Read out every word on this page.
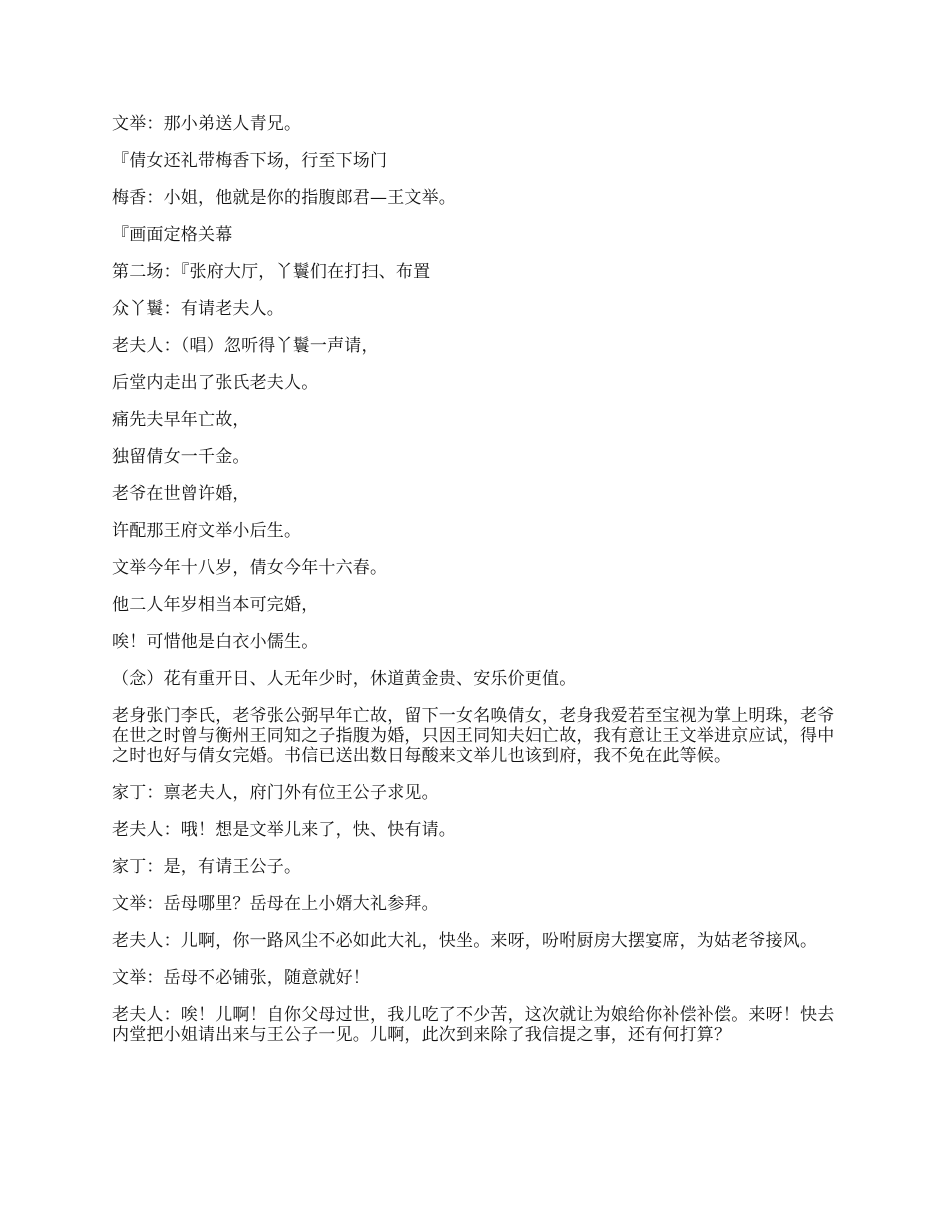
文举：那小弟送人青兄。

『倩女还礼带梅香下场，行至下场门

梅香：小姐，他就是你的指腹郎君—王文举。

『画面定格关幕

第二场：『张府大厅，丫鬟们在打扫、布置

众丫鬟：有请老夫人。

老夫人：（唱）忽听得丫鬟一声请，

后堂内走出了张氏老夫人。

痛先夫早年亡故，

独留倩女一千金。

老爷在世曾许婚，

许配那王府文举小后生。

文举今年十八岁，倩女今年十六春。

他二人年岁相当本可完婚，

唉！可惜他是白衣小儒生。

（念）花有重开日、人无年少时，休道黄金贵、安乐价更值。

老身张门李氏，老爷张公弼早年亡故，留下一女名唤倩女，老身我爱若至宝视为掌上明珠，老爷在世之时曾与衡州王同知之子指腹为婚，只因王同知夫妇亡故，我有意让王文举进京应试，得中之时也好与倩女完婚。书信已送出数日每酸来文举儿也该到府，我不免在此等候。

家丁：禀老夫人，府门外有位王公子求见。

老夫人：哦！想是文举儿来了，快、快有请。

家丁：是，有请王公子。

文举：岳母哪里？岳母在上小婿大礼参拜。

老夫人：儿啊，你一路风尘不必如此大礼，快坐。来呀，吩咐厨房大摆宴席，为姑老爷接风。

文举：岳母不必铺张，随意就好！

老夫人：唉！儿啊！自你父母过世，我儿吃了不少苦，这次就让为娘给你补偿补偿。来呀！快去内堂把小姐请出来与王公子一见。儿啊，此次到来除了我信提之事，还有何打算？
